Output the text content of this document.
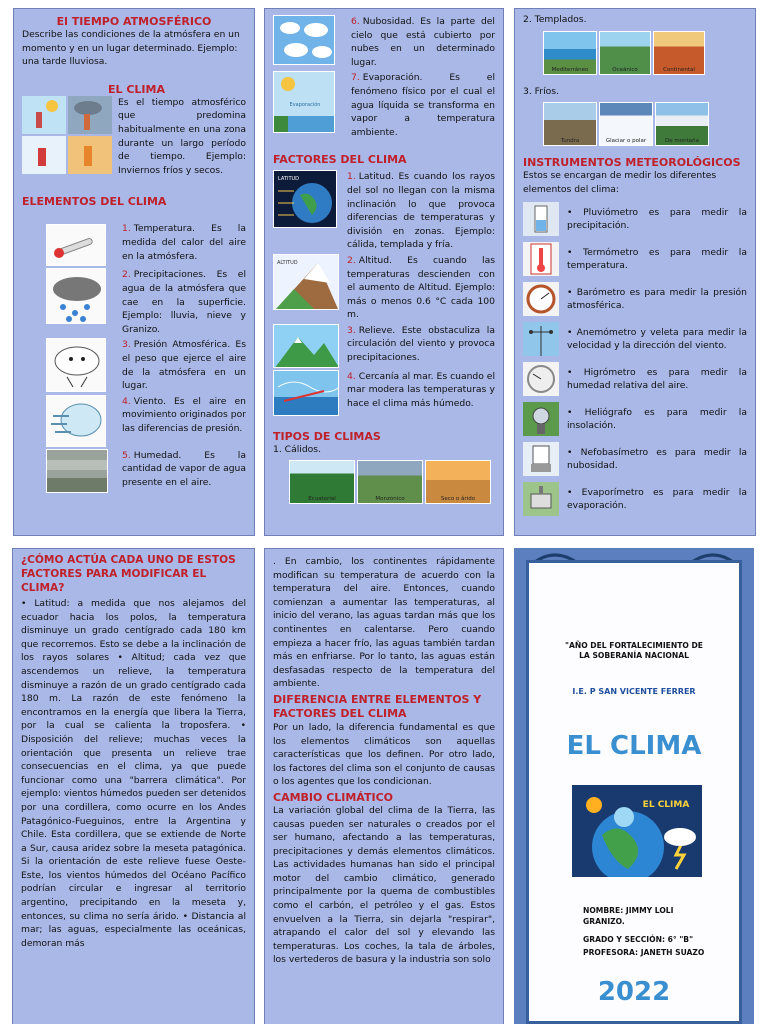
El TIEMPO ATMOSFÉRICO
Describe las condiciones de la atmósfera en un momento y en un lugar determinado. Ejemplo: una tarde lluviosa.
EL CLIMA
Es el tiempo atmosférico que predomina habitualmente en una zona durante un largo período de tiempo. Ejemplo: Inviernos fríos y secos.
ELEMENTOS DEL CLIMA
1. Temperatura. Es la medida del calor del aire en la atmósfera.
2. Precipitaciones. Es el agua de la atmósfera que cae en la superficie. Ejemplo: lluvia, nieve y Granizo.
3. Presión Atmosférica. Es el peso que ejerce el aire de la atmósfera en un lugar.
4. Viento. Es el aire en movimiento originados por las diferencias de presión.
5. Humedad. Es la cantidad de vapor de agua presente en el aire.
6. Nubosidad. Es la parte del cielo que está cubierto por nubes en un determinado lugar.
Evaporación
7. Evaporación. Es el fenómeno físico por el cual el agua líquida se transforma en vapor a temperatura ambiente.
FACTORES DEL CLIMA
LATITUD	1. Latitud. Es cuando los rayos del sol no llegan con la misma inclinación lo que provoca diferencias de temperaturas y división en zonas. Ejemplo: cálida, templada y fría.
ALTITUD	2. Altitud. Es cuando las temperaturas descienden con el aumento de Altitud. Ejemplo: más o menos 0.6 °C cada 100 m.
3. Relieve. Este obstaculiza la circulación del viento y provoca precipitaciones.
4. Cercanía al mar. Es cuando el mar modera las temperaturas y hace el clima más húmedo.
TIPOS DE CLIMAS
1. Cálidos.
Ecuatorial	Monzónico	Seco o árido
2. Templados.
Mediterráneo	Oceánico	Continental
3. Fríos.
Tundra	Glaciar o polar	De montaña
INSTRUMENTOS METEOROLÓGICOS
Estos se encargan de medir los diferentes elementos del clima:
• Pluviómetro es para medir la precipitación.
• Termómetro es para medir la temperatura.
• Barómetro es para medir la presión atmosférica.
• Anemómetro y veleta para medir la velocidad y la dirección del viento.
• Higrómetro es para medir la humedad relativa del aire.
• Heliógrafo es para medir la insolación.
• Nefobasímetro es para medir la nubosidad.
• Evaporímetro es para medir la evaporación.
¿CÓMO ACTÚA CADA UNO DE ESTOS FACTORES PARA MODIFICAR EL CLIMA?
• Latitud: a medida que nos alejamos del ecuador hacia los polos, la temperatura disminuye un grado centígrado cada 180 km que recorremos. Esto se debe a la inclinación de los rayos solares • Altitud; cada vez que ascendemos un relieve, la temperatura disminuye a razón de un grado centígrado cada 180 m. La razón de este fenómeno la encontramos en la energía que libera la Tierra, por la cual se calienta la troposfera. • Disposición del relieve; muchas veces la orientación que presenta un relieve trae consecuencias en el clima, ya que puede funcionar como una "barrera climática". Por ejemplo: vientos húmedos pueden ser detenidos por una cordillera, como ocurre en los Andes Patagónico-Fueguinos, entre la Argentina y Chile. Esta cordillera, que se extiende de Norte a Sur, causa aridez sobre la meseta patagónica. Si la orientación de este relieve fuese Oeste-Este, los vientos húmedos del Océano Pacífico podrían circular e ingresar al territorio argentino, precipitando en la meseta y, entonces, su clima no sería árido. • Distancia al mar; las aguas, especialmente las oceánicas, demoran más
. En cambio, los continentes rápidamente modifican su temperatura de acuerdo con la temperatura del aire. Entonces, cuando comienzan a aumentar las temperaturas, al inicio del verano, las aguas tardan más que los continentes en calentarse. Pero cuando empieza a hacer frío, las aguas también tardan más en enfriarse. Por lo tanto, las aguas están desfasadas respecto de la temperatura del ambiente.
DIFERENCIA ENTRE ELEMENTOS Y FACTORES DEL CLIMA
Por un lado, la diferencia fundamental es que los elementos climáticos son aquellas características que los definen. Por otro lado, los factores del clima son el conjunto de causas o los agentes que los condicionan.
CAMBIO CLIMÁTICO
La variación global del clima de la Tierra, las causas pueden ser naturales o creados por el ser humano, afectando a las temperaturas, precipitaciones y demás elementos climáticos. Las actividades humanas han sido el principal motor del cambio climático, generado principalmente por la quema de combustibles como el carbón, el petróleo y el gas. Estos envuelven a la Tierra, sin dejarla "respirar", atrapando el calor del sol y elevando las temperaturas. Los coches, la tala de árboles, los vertederos de basura y la industria son solo
"AÑO DEL FORTALECIMIENTO DE LA SOBERANÍA NACIONAL
I.E. P SAN VICENTE FERRER
EL CLIMA
EL CLIMA
NOMBRE: JIMMY LOLI GRANIZO.
GRADO Y SECCIÓN: 6° "B"
PROFESORA: JANETH SUAZO
2022
